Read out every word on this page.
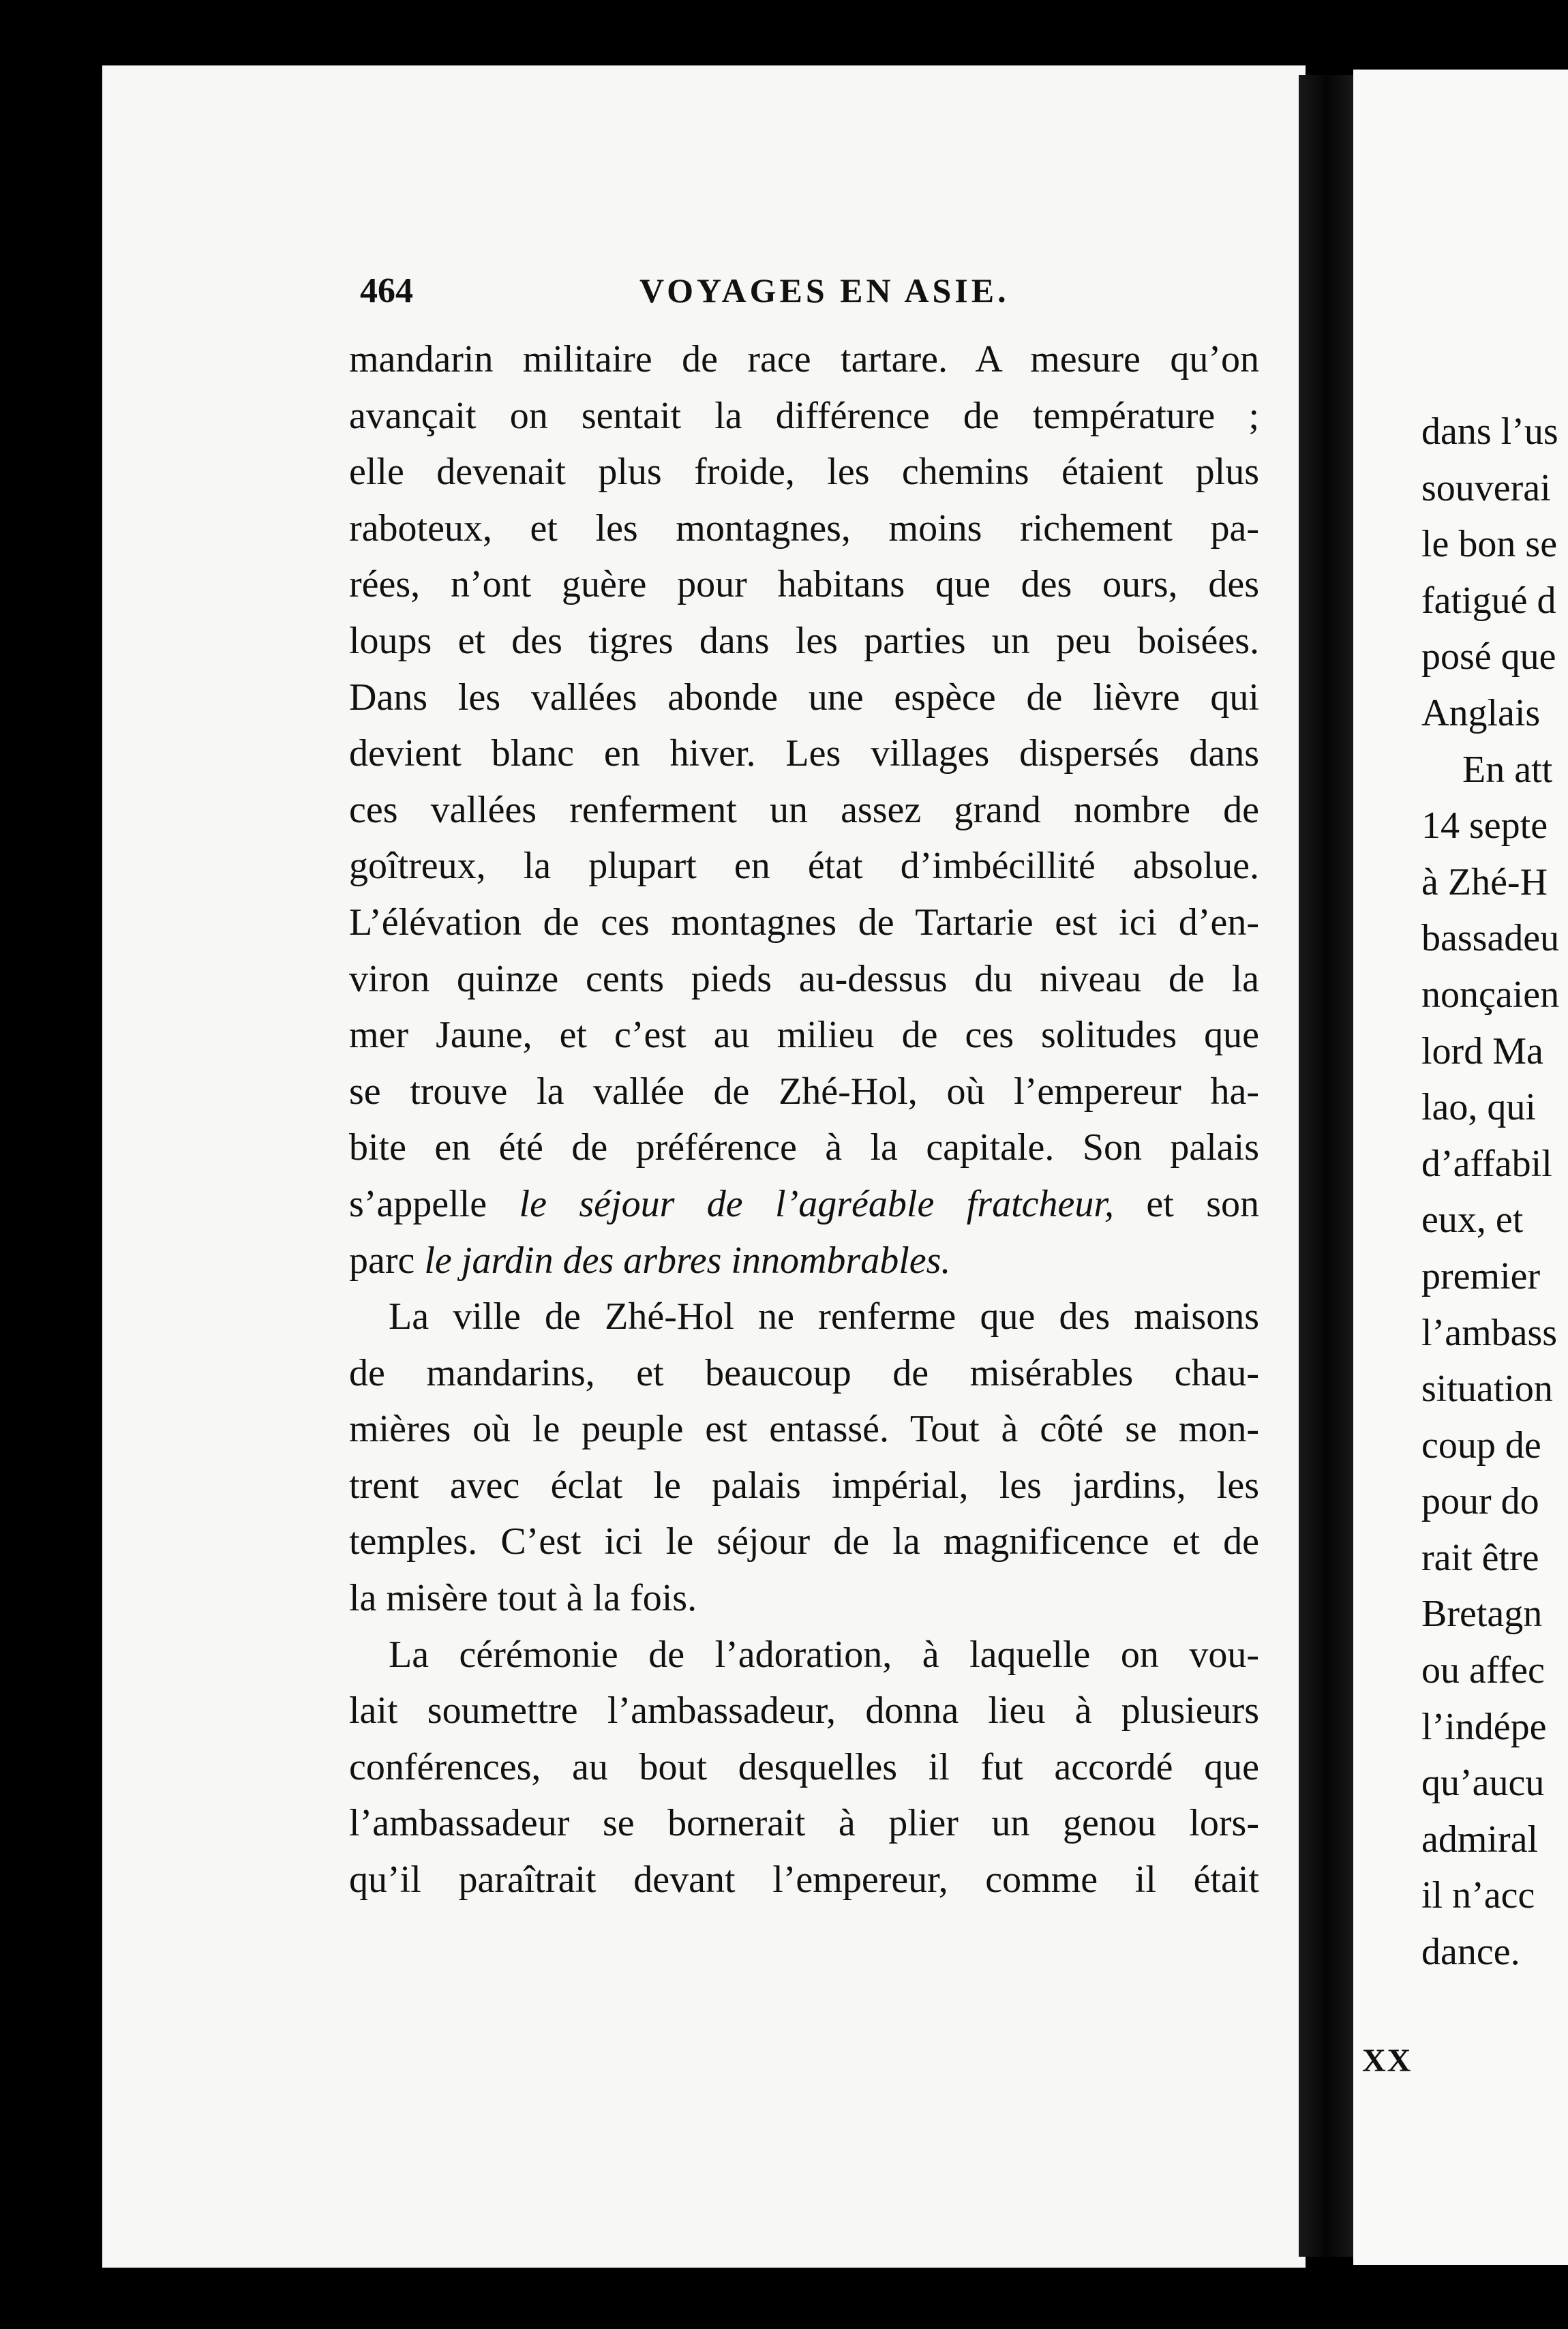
464	VOYAGES EN ASIE.
mandarin militaire de race tartare. A mesure qu’on
avançait on sentait la différence de température ;
elle devenait plus froide, les chemins étaient plus
raboteux, et les montagnes, moins richement pa-
rées, n’ont guère pour habitans que des ours, des
loups et des tigres dans les parties un peu boisées.
Dans les vallées abonde une espèce de lièvre qui
devient blanc en hiver. Les villages dispersés dans
ces vallées renferment un assez grand nombre de
goîtreux, la plupart en état d’imbécillité absolue.
L’élévation de ces montagnes de Tartarie est ici d’en-
viron quinze cents pieds au-dessus du niveau de la
mer Jaune, et c’est au milieu de ces solitudes que
se trouve la vallée de Zhé-Hol, où l’empereur ha-
bite en été de préférence à la capitale. Son palais
s’appelle le séjour de l’agréable fratcheur, et son
parc le jardin des arbres innombrables.
La ville de Zhé-Hol ne renferme que des maisons
de mandarins, et beaucoup de misérables chau-
mières où le peuple est entassé. Tout à côté se mon-
trent avec éclat le palais impérial, les jardins, les
temples. C’est ici le séjour de la magnificence et de
la misère tout à la fois.
La cérémonie de l’adoration, à laquelle on vou-
lait soumettre l’ambassadeur, donna lieu à plusieurs
conférences, au bout desquelles il fut accordé que
l’ambassadeur se bornerait à plier un genou lors-
qu’il paraîtrait devant l’empereur, comme il était
dans l’us
souverai
le bon se
fatigué d
posé que
Anglais
En att
14 septe
à Zhé-H
bassadeu
nonçaien
lord Ma
lao, qui
d’affabil
eux, et
premier
l’ambass
situation
coup de
pour do
rait être
Bretagn
ou affec
l’indépe
qu’aucu
admiral
il n’acc
dance.
XX
